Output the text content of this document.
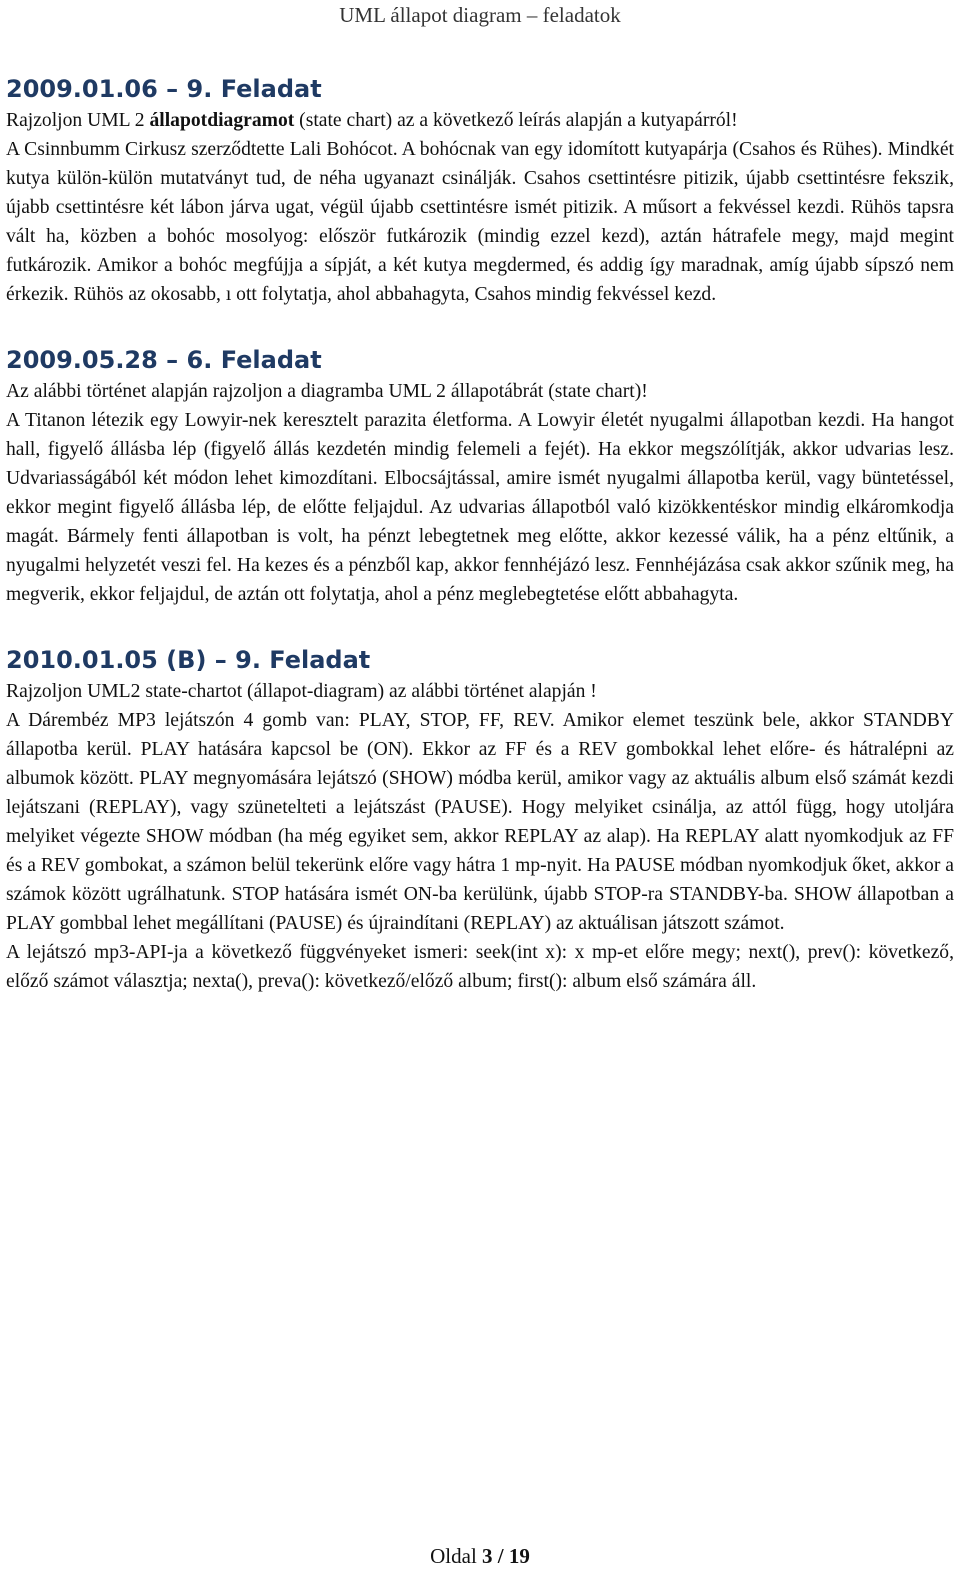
UML állapot diagram – feladatok
2009.01.06 – 9. Feladat

Rajzoljon UML 2 állapotdiagramot (state chart) az a következő leírás alapján a kutyapárról!

A Csinnbumm Cirkusz szerződtette Lali Bohócot. A bohócnak van egy idomított kutyapárja (Csahos és Rühes). Mindkét kutya külön-külön mutatványt tud, de néha ugyanazt csinálják. Csahos csettintésre pitizik, újabb csettintésre fekszik, újabb csettintésre két lábon járva ugat, végül újabb csettintésre ismét pitizik. A műsort a fekvéssel kezdi. Rühös tapsra vált ha, közben a bohóc mosolyog: először futkározik (mindig ezzel kezd), aztán hátrafele megy, majd megint futkározik. Amikor a bohóc megfújja a sípját, a két kutya megdermed, és addig így maradnak, amíg újabb sípszó nem érkezik. Rühös az okosabb, ı ott folytatja, ahol abbahagyta, Csahos mindig fekvéssel kezd.

2009.05.28 – 6. Feladat

Az alábbi történet alapján rajzoljon a diagramba UML 2 állapotábrát (state chart)!

A Titanon létezik egy Lowyir-nek keresztelt parazita életforma. A Lowyir életét nyugalmi állapotban kezdi. Ha hangot hall, figyelő állásba lép (figyelő állás kezdetén mindig felemeli a fejét). Ha ekkor megszólítják, akkor udvarias lesz. Udvariasságából két módon lehet kimozdítani. Elbocsájtással, amire ismét nyugalmi állapotba kerül, vagy büntetéssel, ekkor megint figyelő állásba lép, de előtte feljajdul. Az udvarias állapotból való kizökkentéskor mindig elkáromkodja magát. Bármely fenti állapotban is volt, ha pénzt lebegtetnek meg előtte, akkor kezessé válik, ha a pénz eltűnik, a nyugalmi helyzetét veszi fel. Ha kezes és a pénzből kap, akkor fennhéjázó lesz. Fennhéjázása csak akkor szűnik meg, ha megverik, ekkor feljajdul, de aztán ott folytatja, ahol a pénz meglebegtetése előtt abbahagyta.

2010.01.05 (B) – 9. Feladat

Rajzoljon UML2 state-chartot (állapot-diagram) az alábbi történet alapján !

A Dárembéz MP3 lejátszón 4 gomb van: PLAY, STOP, FF, REV. Amikor elemet teszünk bele, akkor STANDBY állapotba kerül. PLAY hatására kapcsol be (ON). Ekkor az FF és a REV gombokkal lehet előre- és hátralépni az albumok között. PLAY megnyomására lejátszó (SHOW) módba kerül, amikor vagy az aktuális album első számát kezdi lejátszani (REPLAY), vagy szünetelteti a lejátszást (PAUSE). Hogy melyiket csinálja, az attól függ, hogy utoljára melyiket végezte SHOW módban (ha még egyiket sem, akkor REPLAY az alap). Ha REPLAY alatt nyomkodjuk az FF és a REV gombokat, a számon belül tekerünk előre vagy hátra 1 mp-nyit. Ha PAUSE módban nyomkodjuk őket, akkor a számok között ugrálhatunk. STOP hatására ismét ON-ba kerülünk, újabb STOP-ra STANDBY-ba. SHOW állapotban a PLAY gombbal lehet megállítani (PAUSE) és újraindítani (REPLAY) az aktuálisan játszott számot.

A lejátszó mp3-API-ja a következő függvényeket ismeri: seek(int x): x mp-et előre megy; next(), prev(): következő, előző számot választja; nexta(), preva(): következő/előző album; first(): album első számára áll.

Oldal 3 / 19
